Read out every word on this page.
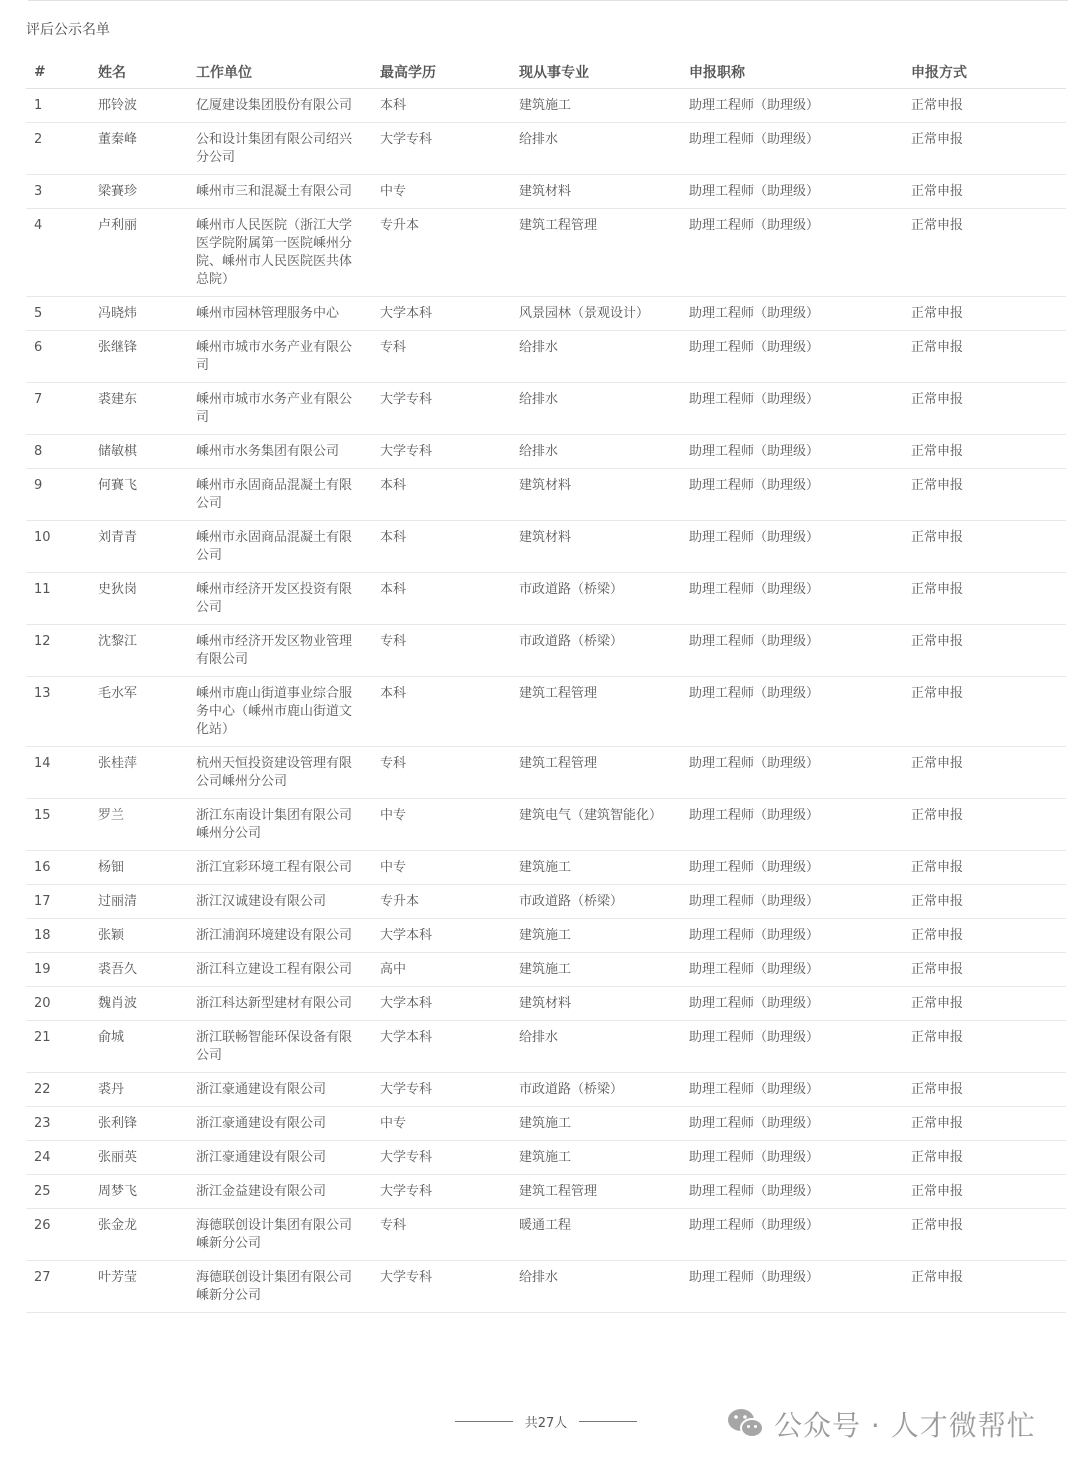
评后公示名单
#	姓名	工作单位	最高学历	现从事专业	申报职称	申报方式
1	邢铃波	亿厦建设集团股份有限公司	本科	建筑施工	助理工程师（助理级）	正常申报
2	董秦峰	公和设计集团有限公司绍兴分公司	大学专科	给排水	助理工程师（助理级）	正常申报
3	梁賽珍	嵊州市三和混凝土有限公司	中专	建筑材料	助理工程师（助理级）	正常申报
4	卢利丽	嵊州市人民医院（浙江大学医学院附属第一医院嵊州分院、嵊州市人民医院医共体总院）	专升本	建筑工程管理	助理工程师（助理级）	正常申报
5	冯晓炜	嵊州市园林管理服务中心	大学本科	风景园林（景观设计）	助理工程师（助理级）	正常申报
6	张继锋	嵊州市城市水务产业有限公司	专科	给排水	助理工程师（助理级）	正常申报
7	裘建东	嵊州市城市水务产业有限公司	大学专科	给排水	助理工程师（助理级）	正常申报
8	储敏棋	嵊州市水务集团有限公司	大学专科	给排水	助理工程师（助理级）	正常申报
9	何賽飞	嵊州市永固商品混凝土有限公司	本科	建筑材料	助理工程师（助理级）	正常申报
10	刘青青	嵊州市永固商品混凝土有限公司	本科	建筑材料	助理工程师（助理级）	正常申报
11	史狄岗	嵊州市经济开发区投资有限公司	本科	市政道路（桥梁）	助理工程师（助理级）	正常申报
12	沈黎江	嵊州市经济开发区物业管理有限公司	专科	市政道路（桥梁）	助理工程师（助理级）	正常申报
13	毛水军	嵊州市鹿山街道事业综合服务中心（嵊州市鹿山街道文化站）	本科	建筑工程管理	助理工程师（助理级）	正常申报
14	张桂萍	杭州天恒投资建设管理有限公司嵊州分公司	专科	建筑工程管理	助理工程师（助理级）	正常申报
15	罗兰	浙江东南设计集团有限公司嵊州分公司	中专	建筑电气（建筑智能化）	助理工程师（助理级）	正常申报
16	杨钿	浙江宜彩环境工程有限公司	中专	建筑施工	助理工程师（助理级）	正常申报
17	过丽清	浙江汉诚建设有限公司	专升本	市政道路（桥梁）	助理工程师（助理级）	正常申报
18	张颖	浙江浦润环境建设有限公司	大学本科	建筑施工	助理工程师（助理级）	正常申报
19	裘吾久	浙江科立建设工程有限公司	高中	建筑施工	助理工程师（助理级）	正常申报
20	魏肖波	浙江科达新型建材有限公司	大学本科	建筑材料	助理工程师（助理级）	正常申报
21	俞城	浙江联畅智能环保设备有限公司	大学本科	给排水	助理工程师（助理级）	正常申报
22	裘丹	浙江豪通建设有限公司	大学专科	市政道路（桥梁）	助理工程师（助理级）	正常申报
23	张利锋	浙江豪通建设有限公司	中专	建筑施工	助理工程师（助理级）	正常申报
24	张丽英	浙江豪通建设有限公司	大学专科	建筑施工	助理工程师（助理级）	正常申报
25	周梦飞	浙江金益建设有限公司	大学专科	建筑工程管理	助理工程师（助理级）	正常申报
26	张金龙	海德联创设计集团有限公司嵊新分公司	专科	暖通工程	助理工程师（助理级）	正常申报
27	叶芳莹	海德联创设计集团有限公司嵊新分公司	大学专科	给排水	助理工程师（助理级）	正常申报
共27人	公众号 · 人才微帮忙
